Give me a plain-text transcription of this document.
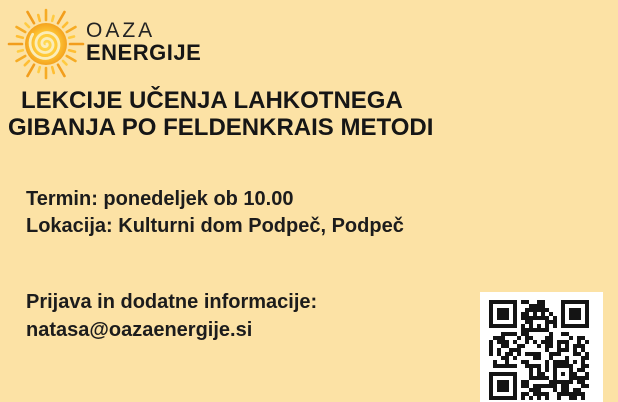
OAZA
ENERGIJE
LEKCIJE UČENJA LAHKOTNEGA
GIBANJA PO FELDENKRAIS METODI
Termin: ponedeljek ob 10.00
Lokacija: Kulturni dom Podpeč, Podpeč
Prijava in dodatne informacije:
natasa@oazaenergije.si
